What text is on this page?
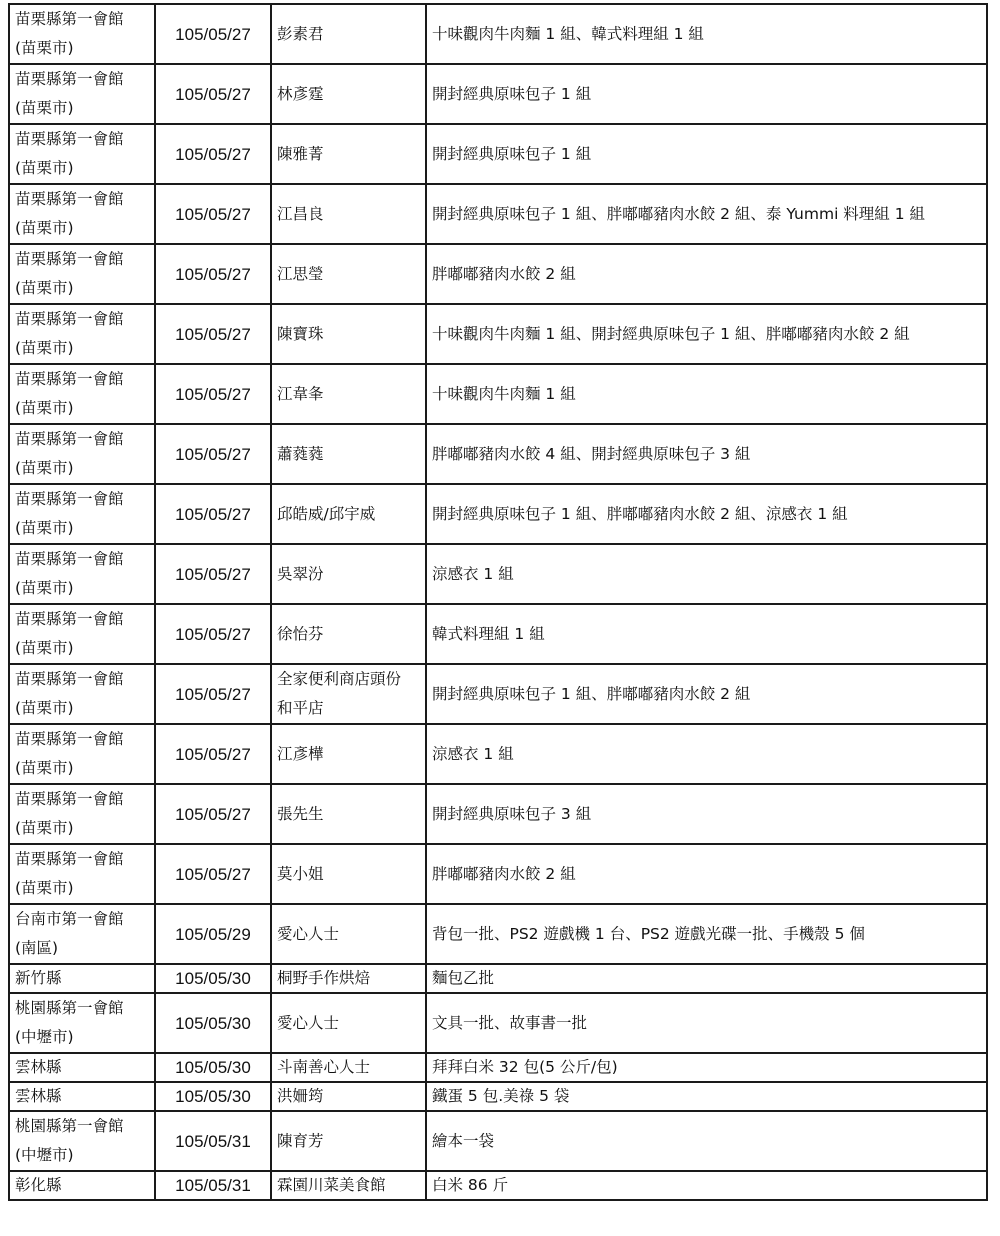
苗栗縣第一會館
(苗栗市)	105/05/27	彭素君	十味觀肉牛肉麵 1 組、韓式料理組 1 組

苗栗縣第一會館
(苗栗市)	105/05/27	林彥霆	開封經典原味包子 1 組

苗栗縣第一會館
(苗栗市)	105/05/27	陳雅菁	開封經典原味包子 1 組

苗栗縣第一會館
(苗栗市)	105/05/27	江昌良	開封經典原味包子 1 組、胖嘟嘟豬肉水餃 2 組、泰 Yummi 料理組 1 組

苗栗縣第一會館
(苗栗市)	105/05/27	江思瑩	胖嘟嘟豬肉水餃 2 組

苗栗縣第一會館
(苗栗市)	105/05/27	陳寶珠	十味觀肉牛肉麵 1 組、開封經典原味包子 1 組、胖嘟嘟豬肉水餃 2 組

苗栗縣第一會館
(苗栗市)	105/05/27	江韋夆	十味觀肉牛肉麵 1 組

苗栗縣第一會館
(苗栗市)	105/05/27	蕭蕤蕤	胖嘟嘟豬肉水餃 4 組、開封經典原味包子 3 組

苗栗縣第一會館
(苗栗市)	105/05/27	邱皓威/邱宇威	開封經典原味包子 1 組、胖嘟嘟豬肉水餃 2 組、涼感衣 1 組

苗栗縣第一會館
(苗栗市)	105/05/27	吳翠汾	涼感衣 1 組

苗栗縣第一會館
(苗栗市)	105/05/27	徐怡芬	韓式料理組 1 組

苗栗縣第一會館
(苗栗市)	105/05/27	全家便利商店頭份
和平店	開封經典原味包子 1 組、胖嘟嘟豬肉水餃 2 組

苗栗縣第一會館
(苗栗市)	105/05/27	江彥樺	涼感衣 1 組

苗栗縣第一會館
(苗栗市)	105/05/27	張先生	開封經典原味包子 3 組

苗栗縣第一會館
(苗栗市)	105/05/27	莫小姐	胖嘟嘟豬肉水餃 2 組

台南市第一會館
(南區)	105/05/29	愛心人士	背包一批、PS2 遊戲機 1 台、PS2 遊戲光碟一批、手機殼 5 個

新竹縣	105/05/30	桐野手作烘焙	麵包乙批

桃園縣第一會館
(中壢市)	105/05/30	愛心人士	文具一批、故事書一批

雲林縣	105/05/30	斗南善心人士	拜拜白米 32 包(5 公斤/包)

雲林縣	105/05/30	洪姍筠	鐵蛋 5 包.美祿 5 袋

桃園縣第一會館
(中壢市)	105/05/31	陳育芳	繪本一袋

彰化縣	105/05/31	霖園川菜美食館	白米 86 斤
